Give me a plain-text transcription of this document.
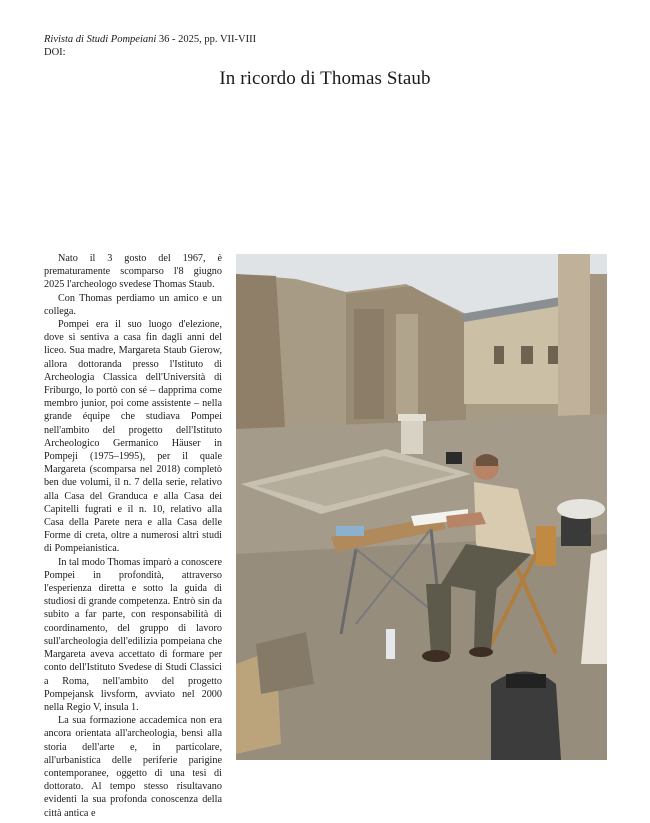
Rivista di Studi Pompeiani 36 - 2025, pp. VII-VIII
DOI:
In ricordo di Thomas Staub

Nato il 3 gosto del 1967, è prematuramente scomparso l'8 giugno 2025 l'archeologo svedese Thomas Staub.

Con Thomas perdiamo un amico e un collega.

Pompei era il suo luogo d'elezione, dove si sentiva a casa fin dagli anni del liceo. Sua madre, Margareta Staub Gierow, allora dottoranda presso l'Istituto di Archeologia Classica dell'Università di Friburgo, lo portò con sé – dapprima come membro junior, poi come assistente – nella grande équipe che studiava Pompei nell'ambito del progetto dell'Istituto Archeologico Germanico Häuser in Pompeji (1975–1995), per il quale Margareta (scomparsa nel 2018) completò ben due volumi, il n. 7 della serie, relativo alla Casa del Granduca e alla Casa dei Capitelli fugrati e il n. 10, relativo alla Casa della Parete nera e alla Casa delle Forme di creta, oltre a numerosi altri studi di Pompeianistica.

In tal modo Thomas imparò a conoscere Pompei in profondità, attraverso l'esperienza diretta e sotto la guida di studiosi di grande competenza. Entrò sin da subito a far parte, con responsabilità di coordinamento, del gruppo di lavoro sull'archeologia dell'edilizia pompeiana che Margareta aveva accettato di formare per conto dell'Istituto Svedese di Studi Classici a Roma, nell'ambito del progetto Pompejansk livsform, avviato nel 2000 nella Regio V, insula 1.

La sua formazione accademica non era ancora orientata all'archeologia, bensì alla storia dell'arte e, in particolare, all'urbanistica delle periferie parigine contemporanee, oggetto di una tesi di dottorato. Al tempo stesso risultavano evidenti la sua profonda conoscenza della città antica e
